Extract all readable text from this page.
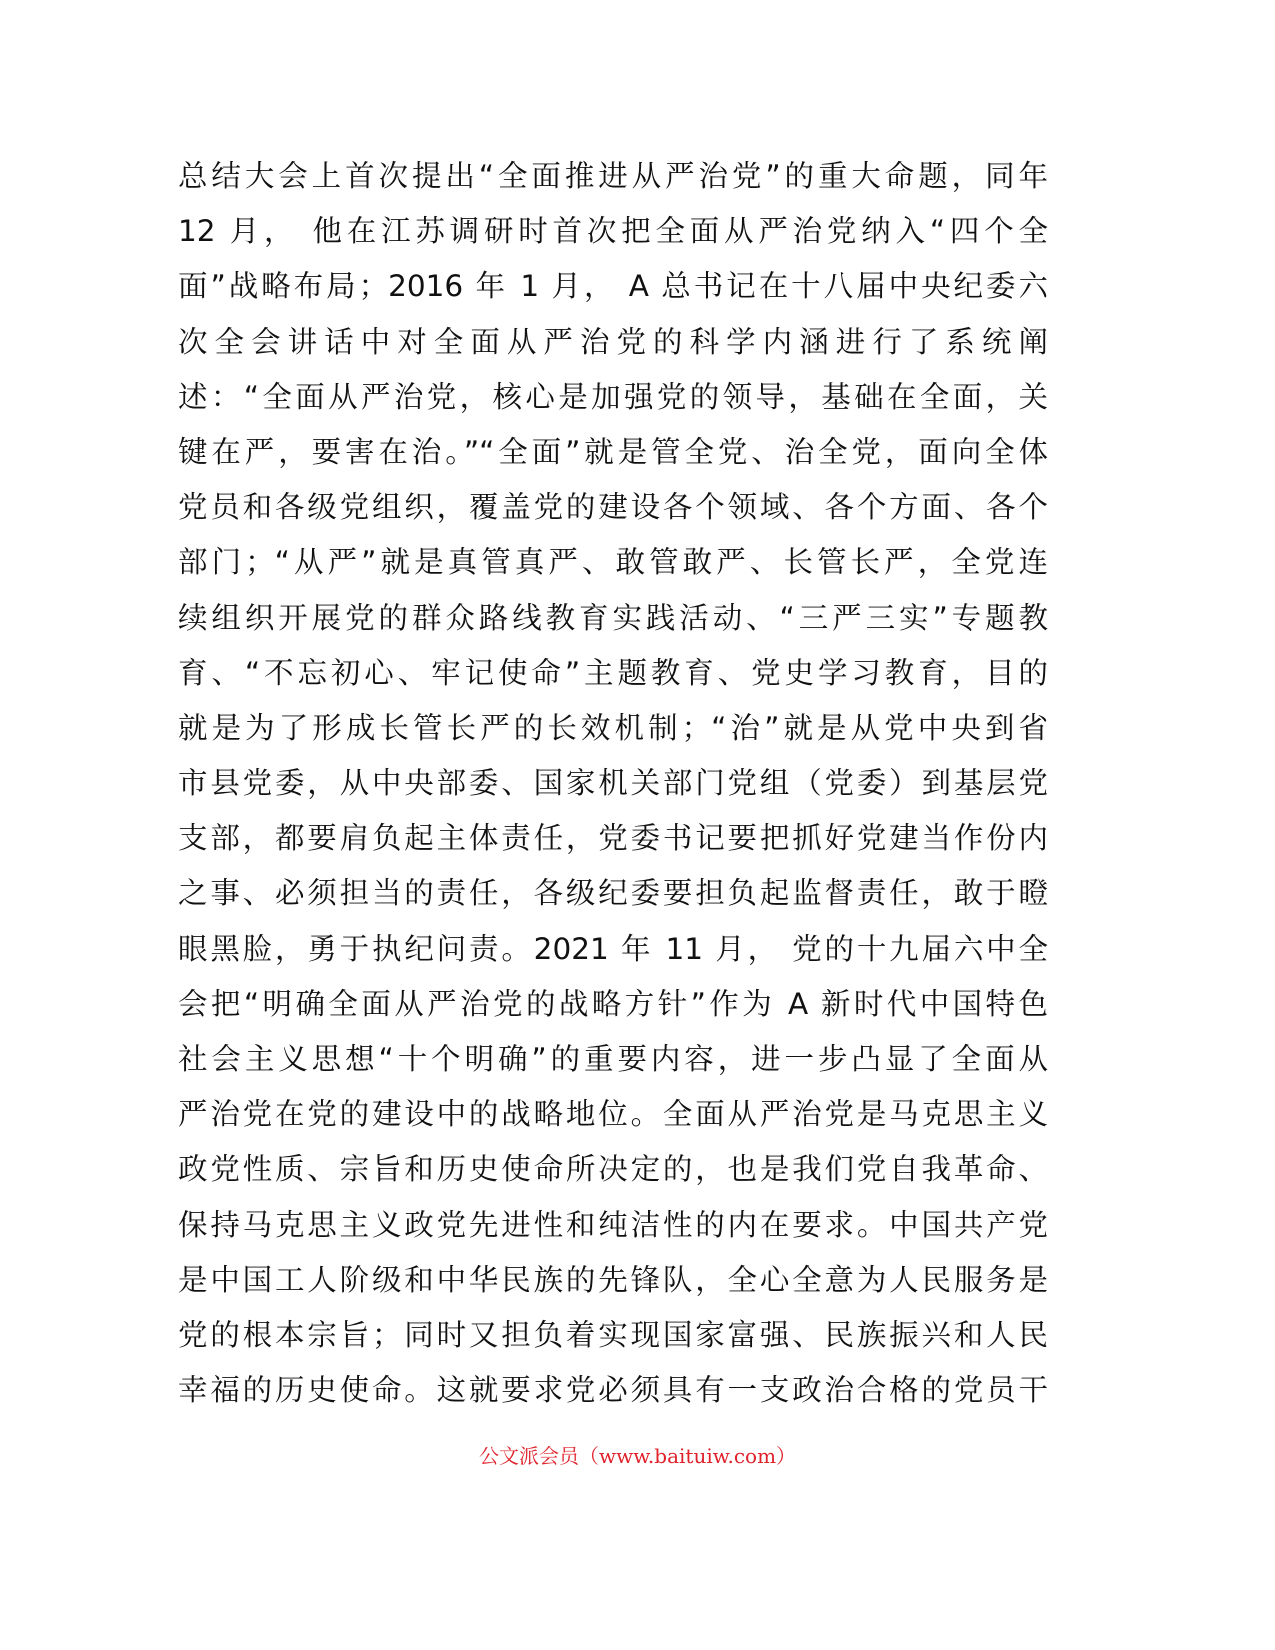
总结大会上首次提出“全面推进从严治党”的重大命题，同年
12 月， 他在江苏调研时首次把全面从严治党纳入“四个全
面”战略布局；2016 年 1 月， A 总书记在十八届中央纪委六
次全会讲话中对全面从严治党的科学内涵进行了系统阐
述：“全面从严治党，核心是加强党的领导，基础在全面，关
键在严，要害在治。”“全面”就是管全党、治全党，面向全体
党员和各级党组织，覆盖党的建设各个领域、各个方面、各个
部门；“从严”就是真管真严、敢管敢严、长管长严，全党连
续组织开展党的群众路线教育实践活动、“三严三实”专题教
育、“不忘初心、牢记使命”主题教育、党史学习教育，目的
就是为了形成长管长严的长效机制；“治”就是从党中央到省
市县党委，从中央部委、国家机关部门党组（党委）到基层党
支部，都要肩负起主体责任，党委书记要把抓好党建当作份内
之事、必须担当的责任，各级纪委要担负起监督责任，敢于瞪
眼黑脸，勇于执纪问责。2021 年 11 月， 党的十九届六中全
会把“明确全面从严治党的战略方针”作为 A 新时代中国特色
社会主义思想“十个明确”的重要内容，进一步凸显了全面从
严治党在党的建设中的战略地位。全面从严治党是马克思主义
政党性质、宗旨和历史使命所决定的，也是我们党自我革命、
保持马克思主义政党先进性和纯洁性的内在要求。中国共产党
是中国工人阶级和中华民族的先锋队，全心全意为人民服务是
党的根本宗旨；同时又担负着实现国家富强、民族振兴和人民
幸福的历史使命。这就要求党必须具有一支政治合格的党员干
公文派会员（www.baituiw.com）
